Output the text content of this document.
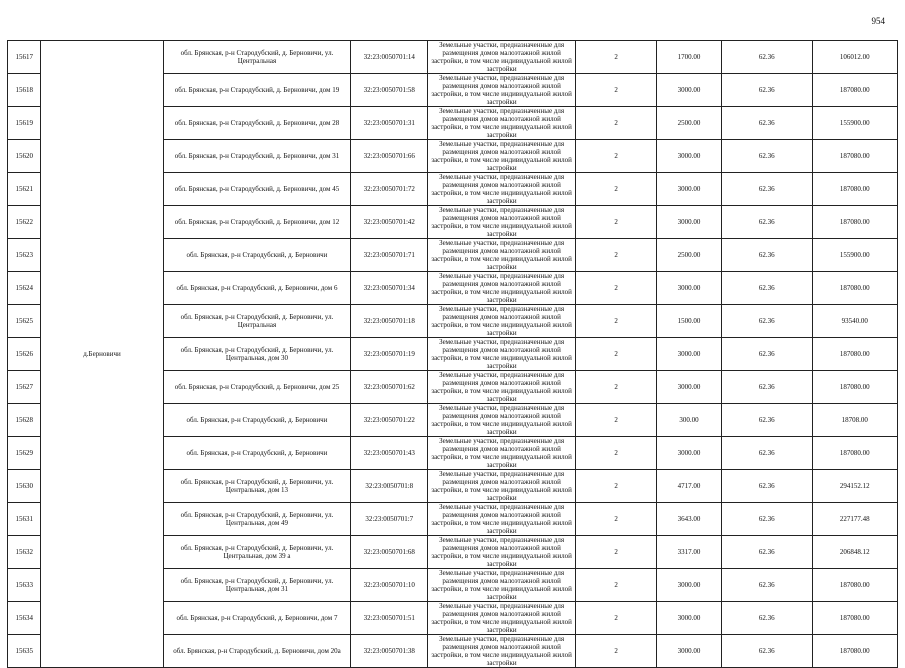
954
15617	д.Берновичи	обл. Брянская, р-н Стародубский, д. Берновичи, ул. Центральная	32:23:0050701:14	Земельные участки, предназначенные для размещения домов малоэтажной жилой застройки, в том числе индивидуальной жилой застройки	2	1700.00	62.36	106012.00
15618		обл. Брянская, р-н Стародубский, д. Берновичи, дом 19	32:23:0050701:58	Земельные участки, предназначенные для размещения домов малоэтажной жилой застройки, в том числе индивидуальной жилой застройки	2	3000.00	62.36	187080.00
15619		обл. Брянская, р-н Стародубский, д. Берновичи, дом 28	32:23:0050701:31	Земельные участки, предназначенные для размещения домов малоэтажной жилой застройки, в том числе индивидуальной жилой застройки	2	2500.00	62.36	155900.00
15620		обл. Брянская, р-н Стародубский, д. Берновичи, дом 31	32:23:0050701:66	Земельные участки, предназначенные для размещения домов малоэтажной жилой застройки, в том числе индивидуальной жилой застройки	2	3000.00	62.36	187080.00
15621		обл. Брянская, р-н Стародубский, д. Берновичи, дом 45	32:23:0050701:72	Земельные участки, предназначенные для размещения домов малоэтажной жилой застройки, в том числе индивидуальной жилой застройки	2	3000.00	62.36	187080.00
15622		обл. Брянская, р-н Стародубский, д. Берновичи, дом 12	32:23:0050701:42	Земельные участки, предназначенные для размещения домов малоэтажной жилой застройки, в том числе индивидуальной жилой застройки	2	3000.00	62.36	187080.00
15623		обл. Брянская, р-н Стародубский, д. Берновичи	32:23:0050701:71	Земельные участки, предназначенные для размещения домов малоэтажной жилой застройки, в том числе индивидуальной жилой застройки	2	2500.00	62.36	155900.00
15624		обл. Брянская, р-н Стародубский, д. Берновичи, дом 6	32:23:0050701:34	Земельные участки, предназначенные для размещения домов малоэтажной жилой застройки, в том числе индивидуальной жилой застройки	2	3000.00	62.36	187080.00
15625		обл. Брянская, р-н Стародубский, д. Берновичи, ул. Центральная	32:23:0050701:18	Земельные участки, предназначенные для размещения домов малоэтажной жилой застройки, в том числе индивидуальной жилой застройки	2	1500.00	62.36	93540.00
15626		обл. Брянская, р-н Стародубский, д. Берновичи, ул. Центральная, дом 30	32:23:0050701:19	Земельные участки, предназначенные для размещения домов малоэтажной жилой застройки, в том числе индивидуальной жилой застройки	2	3000.00	62.36	187080.00
15627		обл. Брянская, р-н Стародубский, д. Берновичи, дом 25	32:23:0050701:62	Земельные участки, предназначенные для размещения домов малоэтажной жилой застройки, в том числе индивидуальной жилой застройки	2	3000.00	62.36	187080.00
15628		обл. Брянская, р-н Стародубский, д. Берновичи	32:23:0050701:22	Земельные участки, предназначенные для размещения домов малоэтажной жилой застройки, в том числе индивидуальной жилой застройки	2	300.00	62.36	18708.00
15629		обл. Брянская, р-н Стародубский, д. Берновичи	32:23:0050701:43	Земельные участки, предназначенные для размещения домов малоэтажной жилой застройки, в том числе индивидуальной жилой застройки	2	3000.00	62.36	187080.00
15630		обл. Брянская, р-н Стародубский, д. Берновичи, ул. Центральная, дом 13	32:23:0050701:8	Земельные участки, предназначенные для размещения домов малоэтажной жилой застройки, в том числе индивидуальной жилой застройки	2	4717.00	62.36	294152.12
15631		обл. Брянская, р-н Стародубский, д. Берновичи, ул. Центральная, дом 49	32:23:0050701:7	Земельные участки, предназначенные для размещения домов малоэтажной жилой застройки, в том числе индивидуальной жилой застройки	2	3643.00	62.36	227177.48
15632		обл. Брянская, р-н Стародубский, д. Берновичи, ул. Центральная, дом 39 а	32:23:0050701:68	Земельные участки, предназначенные для размещения домов малоэтажной жилой застройки, в том числе индивидуальной жилой застройки	2	3317.00	62.36	206848.12
15633		обл. Брянская, р-н Стародубский, д. Берновичи, ул. Центральная, дом 31	32:23:0050701:10	Земельные участки, предназначенные для размещения домов малоэтажной жилой застройки, в том числе индивидуальной жилой застройки	2	3000.00	62.36	187080.00
15634		обл. Брянская, р-н Стародубский, д. Берновичи, дом 7	32:23:0050701:51	Земельные участки, предназначенные для размещения домов малоэтажной жилой застройки, в том числе индивидуальной жилой застройки	2	3000.00	62.36	187080.00
15635		обл. Брянская, р-н Стародубский, д. Берновичи, дом 20а	32:23:0050701:38	Земельные участки, предназначенные для размещения домов малоэтажной жилой застройки, в том числе индивидуальной жилой застройки	2	3000.00	62.36	187080.00
